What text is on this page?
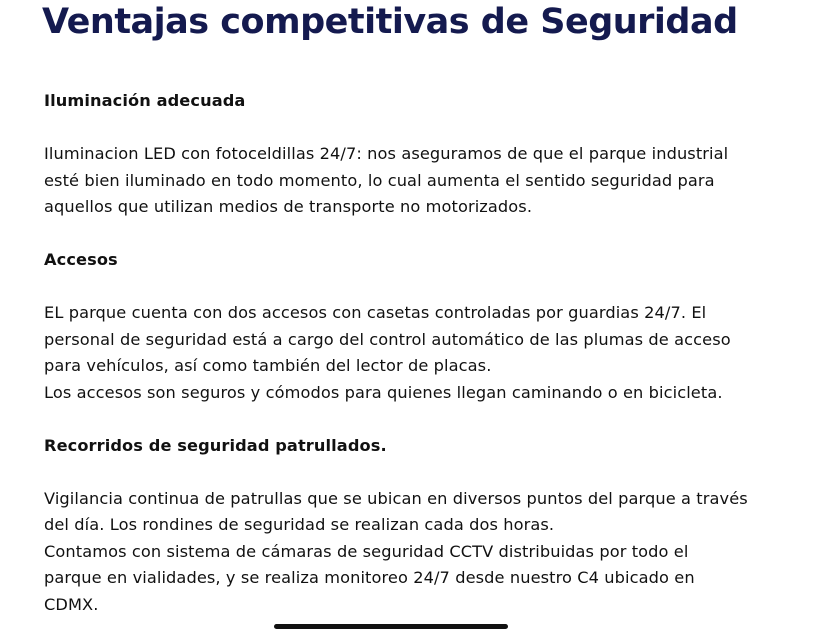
Ventajas competitivas de Seguridad

Iluminación adecuada

Iluminacion LED con fotoceldillas 24/7: nos aseguramos de que el parque industrial

esté bien iluminado en todo momento, lo cual aumenta el sentido seguridad para

aquellos que utilizan medios de transporte no motorizados.

Accesos

EL parque cuenta con dos accesos con casetas controladas por guardias 24/7. El

personal de seguridad está a cargo del control automático de las plumas de acceso

para vehículos, así como también del lector de placas.

Los accesos son seguros y cómodos para quienes llegan caminando o en bicicleta.

Recorridos de seguridad patrullados.

Vigilancia continua de patrullas que se ubican en diversos puntos del parque a través

del día. Los rondines de seguridad se realizan cada dos horas.

Contamos con sistema de cámaras de seguridad CCTV distribuidas por todo el

parque en vialidades, y se realiza monitoreo 24/7 desde nuestro C4 ubicado en

CDMX.
